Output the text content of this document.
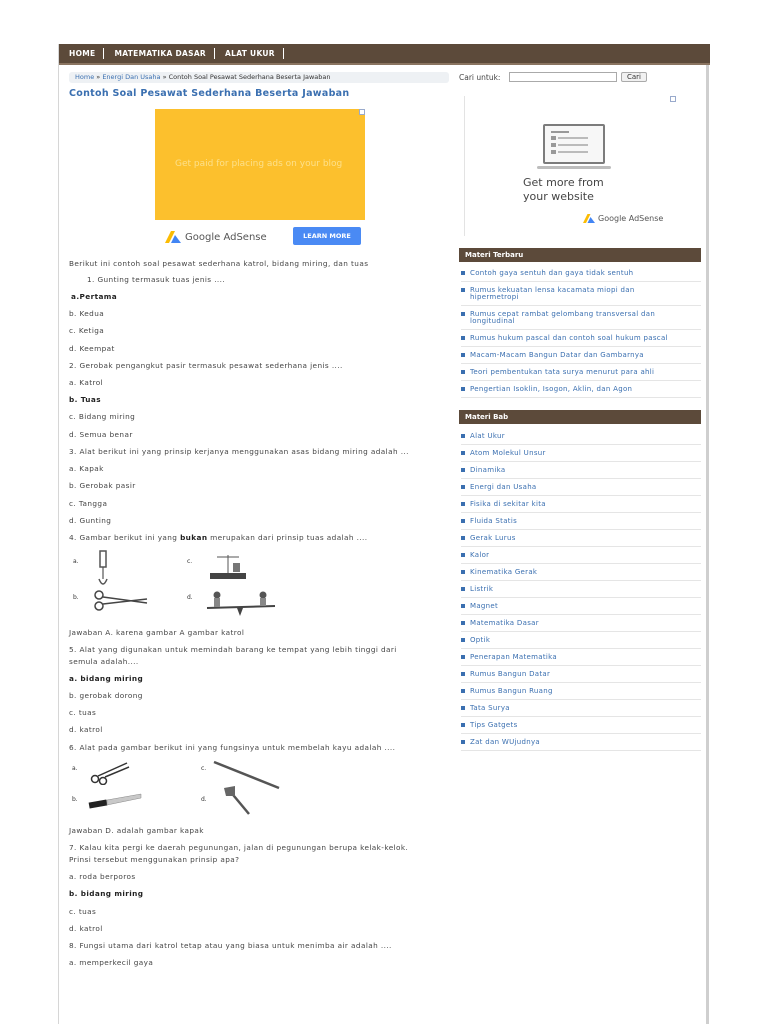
HOME	MATEMATIKA DASAR	ALAT UKUR
Home » Energi Dan Usaha » Contoh Soal Pesawat Sederhana Beserta Jawaban
Contoh Soal Pesawat Sederhana Beserta Jawaban
Get paid for placing ads on your blog
Google AdSense	LEARN MORE
Berikut ini contoh soal pesawat sederhana katrol, bidang miring, dan tuas
1. Gunting termasuk tuas jenis ....
a.Pertama
b. Kedua
c. Ketiga
d. Keempat
2. Gerobak pengangkut pasir termasuk pesawat sederhana jenis ....
a. Katrol
b. Tuas
c. Bidang miring
d. Semua benar
3. Alat berikut ini yang prinsip kerjanya menggunakan asas bidang miring adalah ...
a. Kapak
b. Gerobak pasir
c. Tangga
d. Gunting
4. Gambar berikut ini yang bukan merupakan dari prinsip tuas adalah ....
a.	c.
b.	d.
Jawaban A. karena gambar A gambar katrol
5. Alat yang digunakan untuk memindah barang ke tempat yang lebih tinggi dari
semula adalah....
a. bidang miring
b. gerobak dorong
c. tuas
d. katrol
6. Alat pada gambar berikut ini yang fungsinya untuk membelah kayu adalah ....
a.	c.
b.	d.
Jawaban D. adalah gambar kapak
7. Kalau kita pergi ke daerah pegunungan, jalan di pegunungan berupa kelak-kelok.
Prinsi tersebut menggunakan prinsip apa?
a. roda berporos
b. bidang miring
c. tuas
d. katrol
8. Fungsi utama dari katrol tetap atau yang biasa untuk menimba air adalah ....
a. memperkecil gaya
Cari untuk:	Cari
Get more from
your website
Google AdSense
Materi Terbaru
Contoh gaya sentuh dan gaya tidak sentuh
Rumus kekuatan lensa kacamata miopi dan
hipermetropi
Rumus cepat rambat gelombang transversal dan
longitudinal
Rumus hukum pascal dan contoh soal hukum pascal
Macam-Macam Bangun Datar dan Gambarnya
Teori pembentukan tata surya menurut para ahli
Pengertian Isoklin, Isogon, Aklin, dan Agon
Materi Bab
Alat Ukur
Atom Molekul Unsur
Dinamika
Energi dan Usaha
Fisika di sekitar kita
Fluida Statis
Gerak Lurus
Kalor
Kinematika Gerak
Listrik
Magnet
Matematika Dasar
Optik
Penerapan Matematika
Rumus Bangun Datar
Rumus Bangun Ruang
Tata Surya
Tips Gatgets
Zat dan WUjudnya
